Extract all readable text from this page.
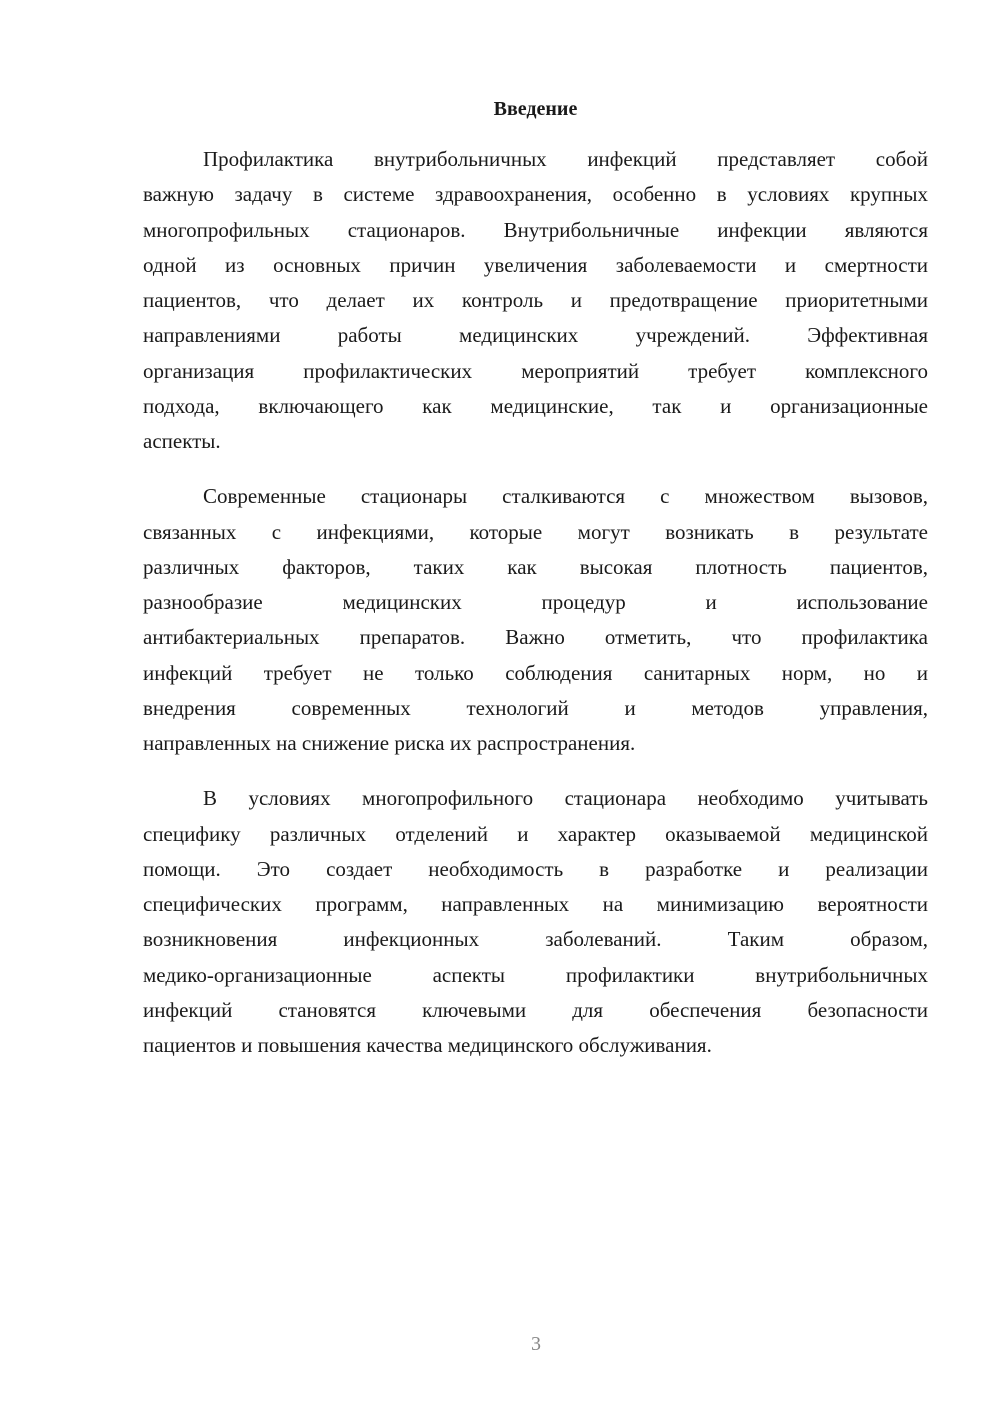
Введение
Профилактика внутрибольничных инфекций представляет собой
важную задачу в системе здравоохранения, особенно в условиях крупных
многопрофильных стационаров. Внутрибольничные инфекции являются
одной из основных причин увеличения заболеваемости и смертности
пациентов, что делает их контроль и предотвращение приоритетными
направлениями работы медицинских учреждений. Эффективная
организация профилактических мероприятий требует комплексного
подхода, включающего как медицинские, так и организационные
аспекты.
Современные стационары сталкиваются с множеством вызовов,
связанных с инфекциями, которые могут возникать в результате
различных факторов, таких как высокая плотность пациентов,
разнообразие медицинских процедур и использование
антибактериальных препаратов. Важно отметить, что профилактика
инфекций требует не только соблюдения санитарных норм, но и
внедрения современных технологий и методов управления,
направленных на снижение риска их распространения.
В условиях многопрофильного стационара необходимо учитывать
специфику различных отделений и характер оказываемой медицинской
помощи. Это создает необходимость в разработке и реализации
специфических программ, направленных на минимизацию вероятности
возникновения инфекционных заболеваний. Таким образом,
медико-организационные аспекты профилактики внутрибольничных
инфекций становятся ключевыми для обеспечения безопасности
пациентов и повышения качества медицинского обслуживания.
3
